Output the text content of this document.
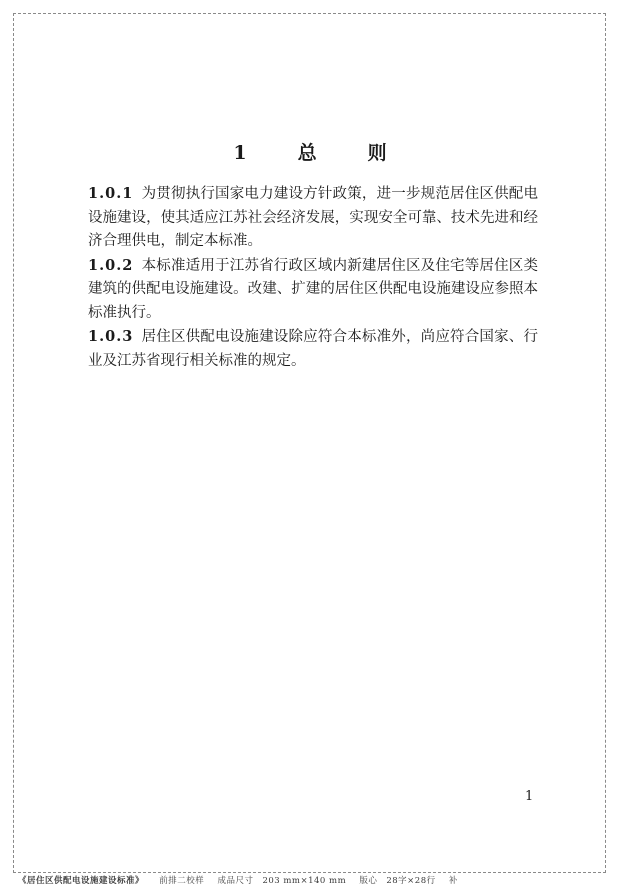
1　总　则

1.0.1 为贯彻执行国家电力建设方针政策，进一步规范居住区供配电设施建设，使其适应江苏社会经济发展，实现安全可靠、技术先进和经济合理供电，制定本标准。

1.0.2 本标准适用于江苏省行政区域内新建居住区及住宅等居住区类建筑的供配电设施建设。改建、扩建的居住区供配电设施建设应参照本标准执行。

1.0.3 居住区供配电设施建设除应符合本标准外，尚应符合国家、行业及江苏省现行相关标准的规定。

1
《居住区供配电设施建设标准》 前排二校样 成品尺寸　203 mm×140 mm 版心　28字×28行 补
